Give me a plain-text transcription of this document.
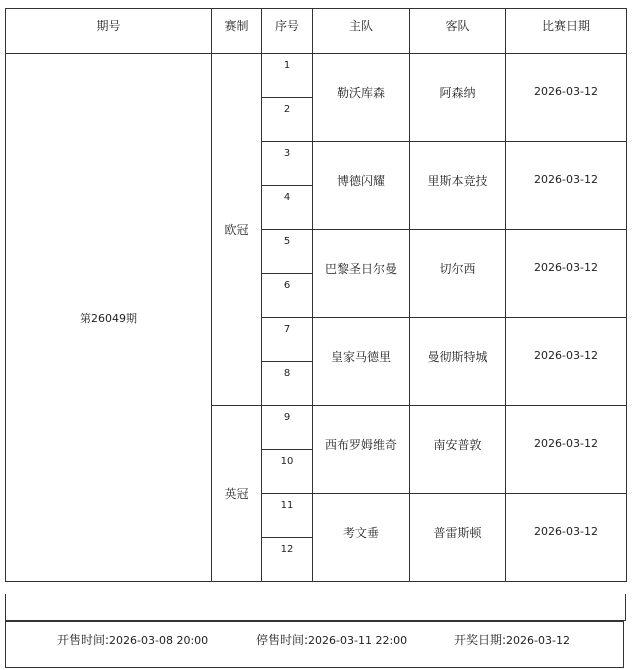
期号	赛制	序号	主队	客队	比赛日期
第26049期	欧冠	1	勒沃库森	阿森纳	2026-03-12
		2			
		3	博德闪耀	里斯本竞技	2026-03-12
		4			
		5	巴黎圣日尔曼	切尔西	2026-03-12
		6			
		7	皇家马德里	曼彻斯特城	2026-03-12
		8			
	英冠	9	西布罗姆维奇	南安普敦	2026-03-12
		10			
		11	考文垂	普雷斯顿	2026-03-12
		12			
开售时间:2026-03-08 20:00	停售时间:2026-03-11 22:00	开奖日期:2026-03-12
